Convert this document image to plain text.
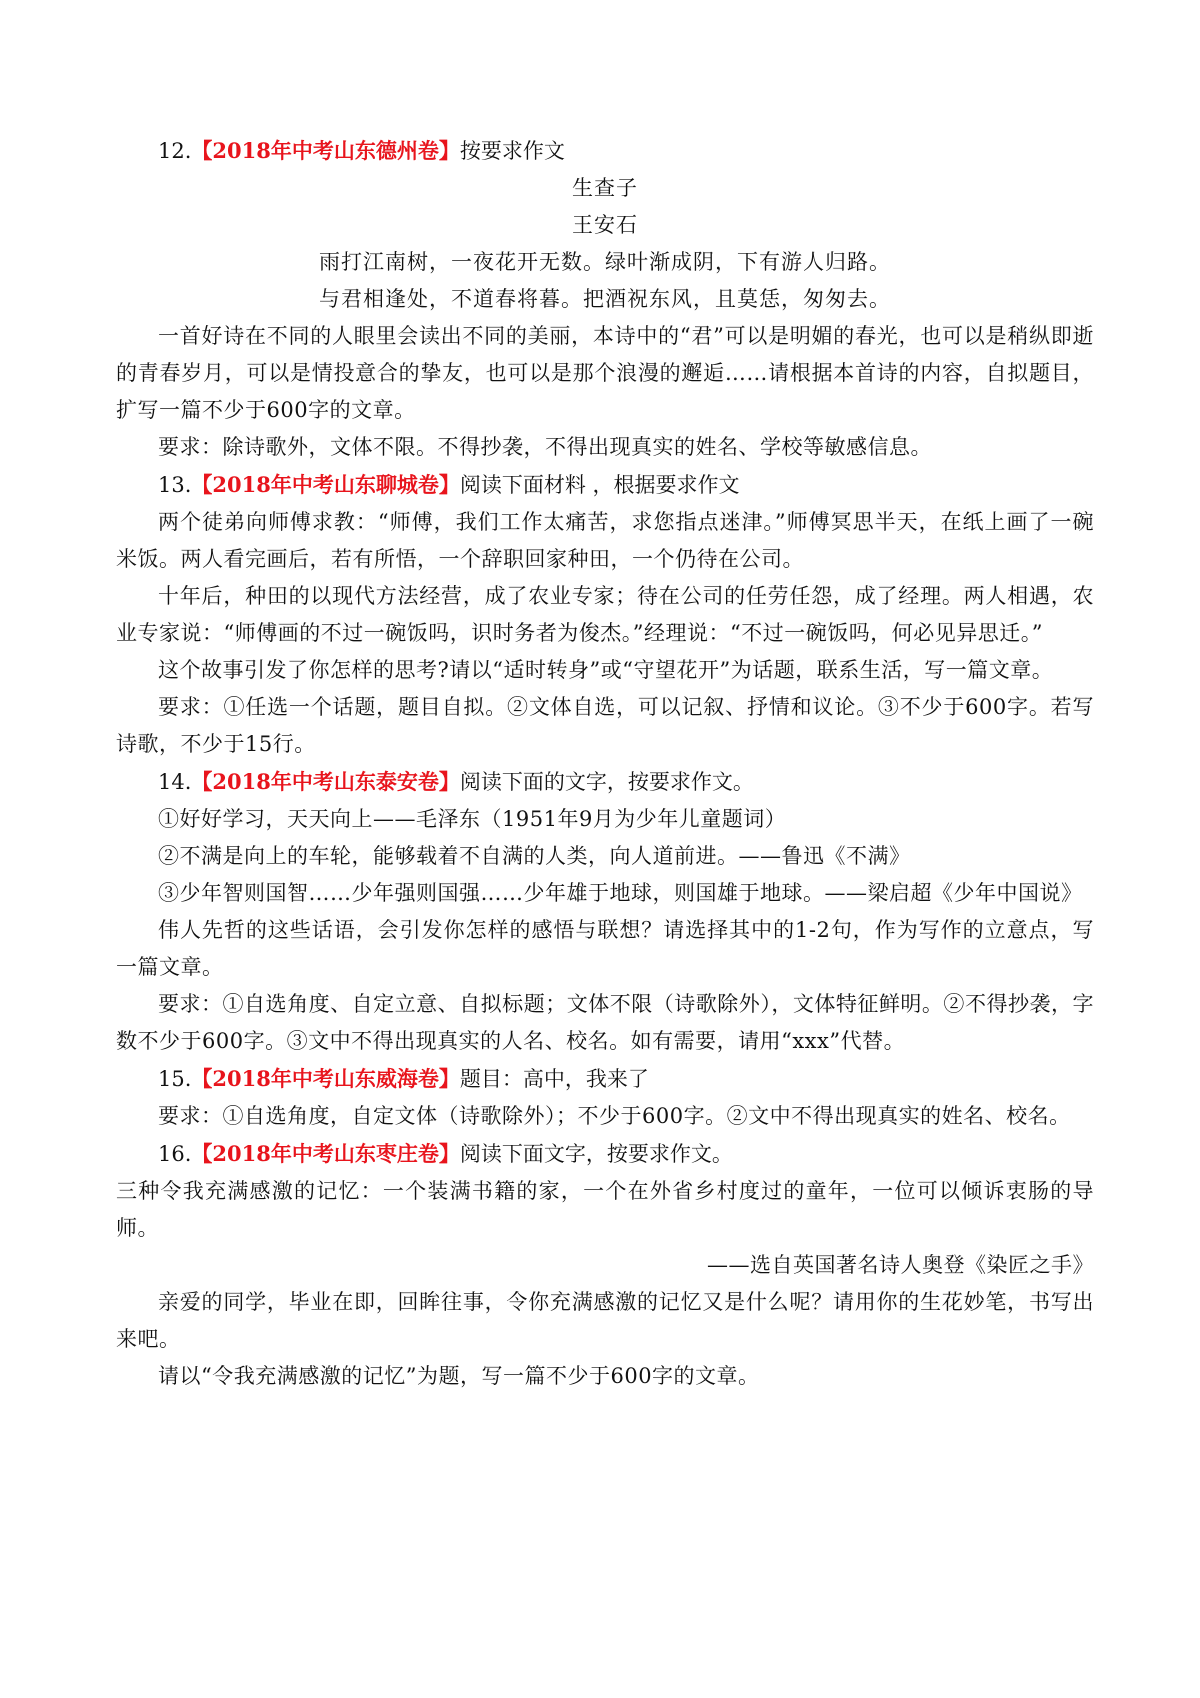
12.【2018年中考山东德州卷】按要求作文

生查子

王安石

雨打江南树，一夜花开无数。绿叶渐成阴，下有游人归路。

与君相逢处，不道春将暮。把酒祝东风，且莫恁，匆匆去。

一首好诗在不同的人眼里会读出不同的美丽，本诗中的“君”可以是明媚的春光，也可以是稍纵即逝的青春岁月，可以是情投意合的挚友，也可以是那个浪漫的邂逅……请根据本首诗的内容，自拟题目，扩写一篇不少于600字的文章。

要求：除诗歌外，文体不限。不得抄袭，不得出现真实的姓名、学校等敏感信息。

13.【2018年中考山东聊城卷】阅读下面材料 ，根据要求作文

两个徒弟向师傅求教：“师傅，我们工作太痛苦，求您指点迷津。”师傅冥思半天，在纸上画了一碗米饭。两人看完画后，若有所悟，一个辞职回家种田，一个仍待在公司。

十年后，种田的以现代方法经营，成了农业专家；待在公司的任劳任怨，成了经理。两人相遇，农业专家说：“师傅画的不过一碗饭吗，识时务者为俊杰。”经理说：“不过一碗饭吗，何必见异思迁。”

这个故事引发了你怎样的思考?请以“适时转身”或“守望花开”为话题，联系生活，写一篇文章。

要求：①任选一个话题，题目自拟。②文体自选，可以记叙、抒情和议论。③不少于600字。若写诗歌，不少于15行。

14.【2018年中考山东泰安卷】阅读下面的文字，按要求作文。

①好好学习，天天向上——毛泽东（1951年9月为少年儿童题词）

②不满是向上的车轮，能够载着不自满的人类，向人道前进。——鲁迅《不满》

③少年智则国智……少年强则国强……少年雄于地球，则国雄于地球。——梁启超《少年中国说》

伟人先哲的这些话语，会引发你怎样的感悟与联想？请选择其中的1-2句，作为写作的立意点，写一篇文章。

要求：①自选角度、自定立意、自拟标题；文体不限（诗歌除外），文体特征鲜明。②不得抄袭，字数不少于600字。③文中不得出现真实的人名、校名。如有需要，请用“xxx”代替。

15.【2018年中考山东威海卷】题目：高中，我来了

要求：①自选角度，自定文体（诗歌除外）；不少于600字。②文中不得出现真实的姓名、校名。

16.【2018年中考山东枣庄卷】阅读下面文字，按要求作文。

三种令我充满感激的记忆：一个装满书籍的家，一个在外省乡村度过的童年，一位可以倾诉衷肠的导师。

——选自英国著名诗人奥登《染匠之手》

亲爱的同学，毕业在即，回眸往事，令你充满感激的记忆又是什么呢？请用你的生花妙笔，书写出来吧。

请以“令我充满感激的记忆”为题，写一篇不少于600字的文章。
